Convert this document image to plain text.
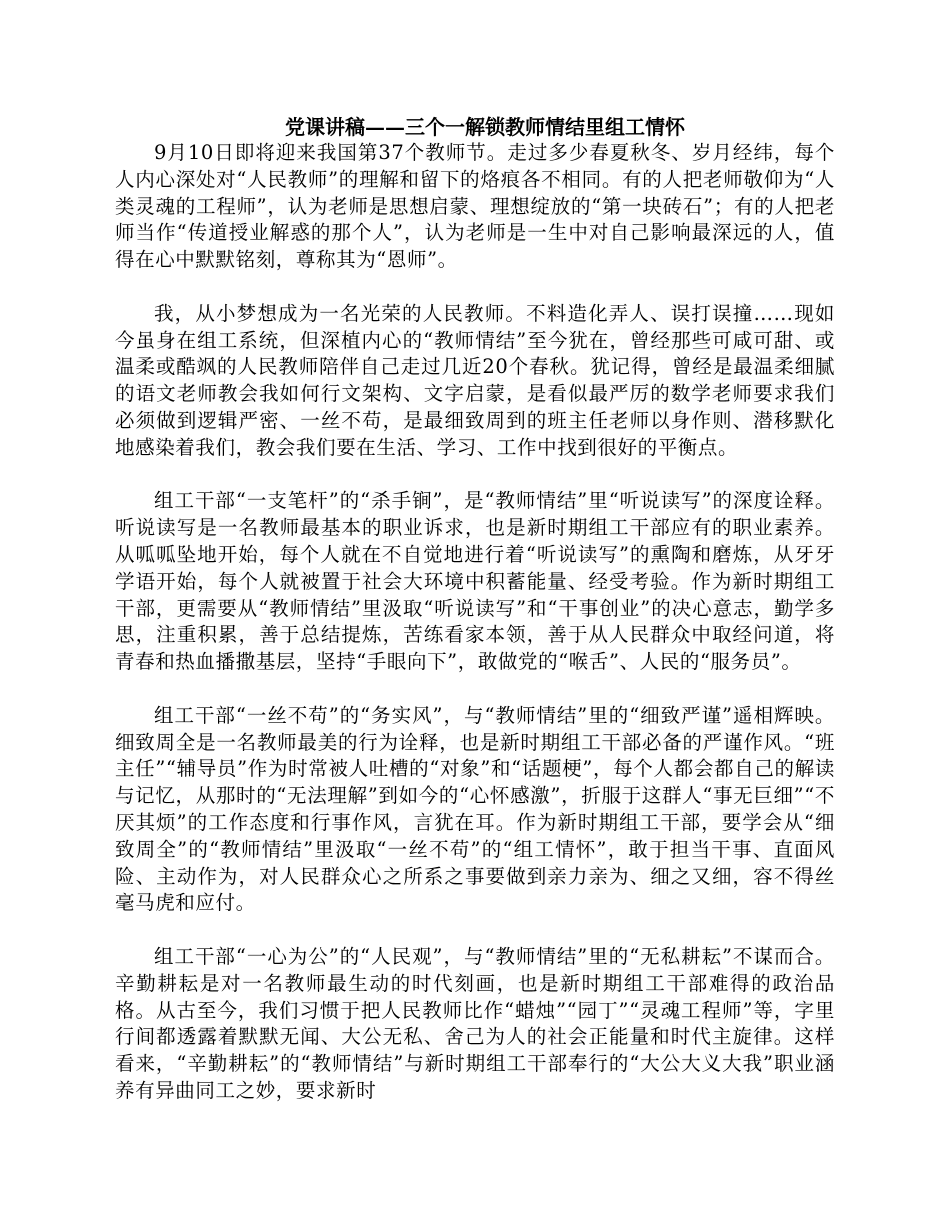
党课讲稿——三个一解锁教师情结里组工情怀

9月10日即将迎来我国第37个教师节。走过多少春夏秋冬、岁月经纬，每个人内心深处对“人民教师”的理解和留下的烙痕各不相同。有的人把老师敬仰为“人类灵魂的工程师”，认为老师是思想启蒙、理想绽放的“第一块砖石”；有的人把老师当作“传道授业解惑的那个人”，认为老师是一生中对自己影响最深远的人，值得在心中默默铭刻，尊称其为“恩师”。

我，从小梦想成为一名光荣的人民教师。不料造化弄人、误打误撞……现如今虽身在组工系统，但深植内心的“教师情结”至今犹在，曾经那些可咸可甜、或温柔或酷飒的人民教师陪伴自己走过几近20个春秋。犹记得，曾经是最温柔细腻的语文老师教会我如何行文架构、文字启蒙，是看似最严厉的数学老师要求我们必须做到逻辑严密、一丝不苟，是最细致周到的班主任老师以身作则、潜移默化地感染着我们，教会我们要在生活、学习、工作中找到很好的平衡点。

组工干部“一支笔杆”的“杀手锏”，是“教师情结”里“听说读写”的深度诠释。听说读写是一名教师最基本的职业诉求，也是新时期组工干部应有的职业素养。从呱呱坠地开始，每个人就在不自觉地进行着“听说读写”的熏陶和磨炼，从牙牙学语开始，每个人就被置于社会大环境中积蓄能量、经受考验。作为新时期组工干部，更需要从“教师情结”里汲取“听说读写”和“干事创业”的决心意志，勤学多思，注重积累，善于总结提炼，苦练看家本领，善于从人民群众中取经问道，将青春和热血播撒基层，坚持“手眼向下”，敢做党的“喉舌”、人民的“服务员”。

组工干部“一丝不苟”的“务实风”，与“教师情结”里的“细致严谨”遥相辉映。细致周全是一名教师最美的行为诠释，也是新时期组工干部必备的严谨作风。“班主任”“辅导员”作为时常被人吐槽的“对象”和“话题梗”，每个人都会都自己的解读与记忆，从那时的“无法理解”到如今的“心怀感激”，折服于这群人“事无巨细”“不厌其烦”的工作态度和行事作风，言犹在耳。作为新时期组工干部，要学会从“细致周全”的“教师情结”里汲取“一丝不苟”的“组工情怀”，敢于担当干事、直面风险、主动作为，对人民群众心之所系之事要做到亲力亲为、细之又细，容不得丝毫马虎和应付。

组工干部“一心为公”的“人民观”，与“教师情结”里的“无私耕耘”不谋而合。辛勤耕耘是对一名教师最生动的时代刻画，也是新时期组工干部难得的政治品格。从古至今，我们习惯于把人民教师比作“蜡烛”“园丁”“灵魂工程师”等，字里行间都透露着默默无闻、大公无私、舍己为人的社会正能量和时代主旋律。这样看来，“辛勤耕耘”的“教师情结”与新时期组工干部奉行的“大公大义大我”职业涵养有异曲同工之妙，要求新时
